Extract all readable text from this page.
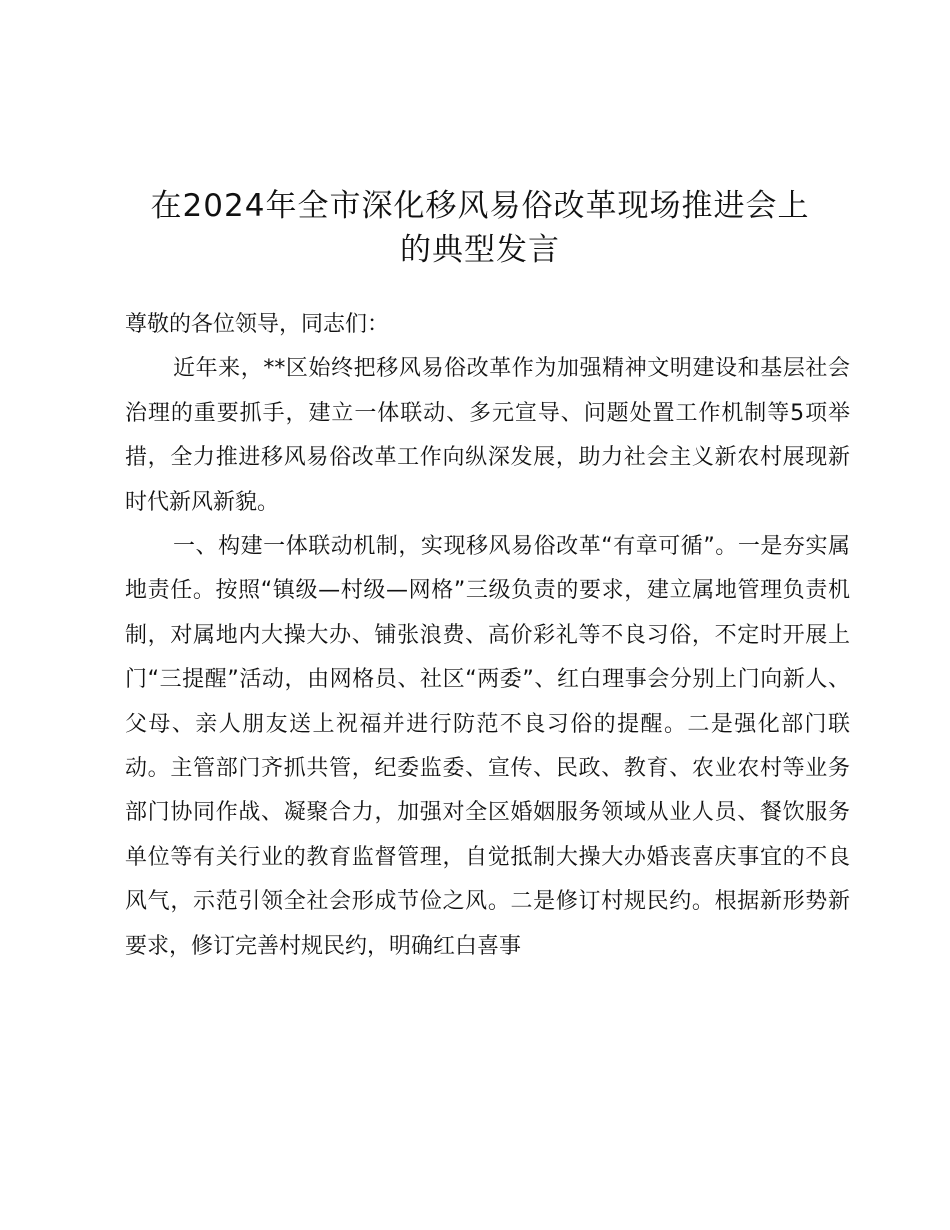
在2024年全市深化移风易俗改革现场推进会上
的典型发言

尊敬的各位领导，同志们：

近年来，**区始终把移风易俗改革作为加强精神文明建设和基层社会治理的重要抓手，建立一体联动、多元宣导、问题处置工作机制等5项举措，全力推进移风易俗改革工作向纵深发展，助力社会主义新农村展现新时代新风新貌。

一、构建一体联动机制，实现移风易俗改革“有章可循”。一是夯实属地责任。按照“镇级—村级—网格”三级负责的要求，建立属地管理负责机制，对属地内大操大办、铺张浪费、高价彩礼等不良习俗，不定时开展上门“三提醒”活动，由网格员、社区“两委”、红白理事会分别上门向新人、父母、亲人朋友送上祝福并进行防范不良习俗的提醒。二是强化部门联动。主管部门齐抓共管，纪委监委、宣传、民政、教育、农业农村等业务部门协同作战、凝聚合力，加强对全区婚姻服务领域从业人员、餐饮服务单位等有关行业的教育监督管理，自觉抵制大操大办婚丧喜庆事宜的不良风气，示范引领全社会形成节俭之风。二是修订村规民约。根据新形势新要求，修订完善村规民约，明确红白喜事
